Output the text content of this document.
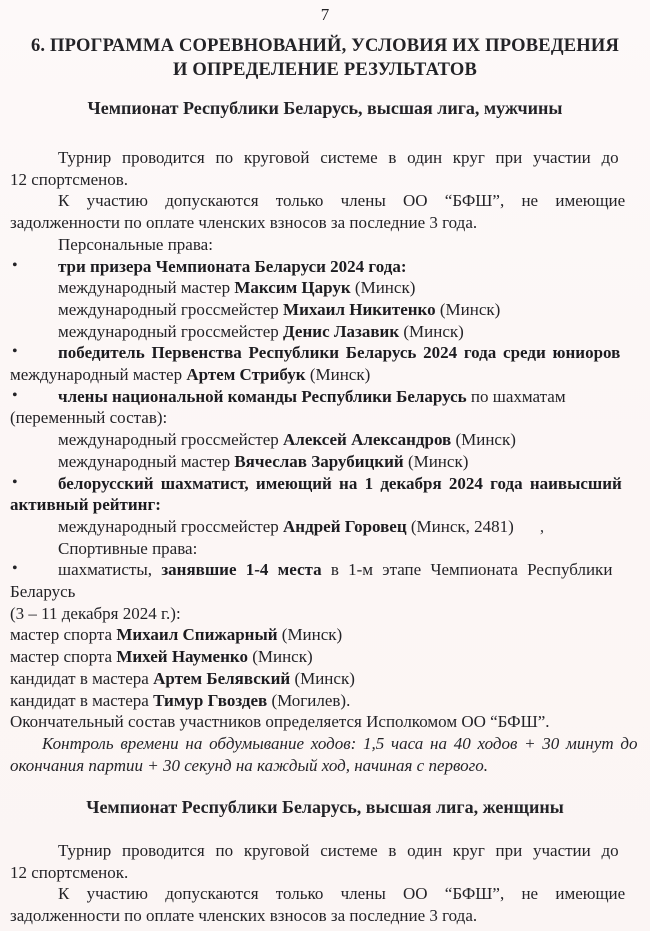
7
6. ПРОГРАММА СОРЕВНОВАНИЙ, УСЛОВИЯ ИХ ПРОВЕДЕНИЯ
И ОПРЕДЕЛЕНИЕ РЕЗУЛЬТАТОВ
Чемпионат Республики Беларусь, высшая лига, мужчины
Турнир проводится по круговой системе в один круг при участии до
12 спортсменов.
К участию допускаются только члены ОО “БФШ”, не имеющие
задолженности по оплате членских взносов за последние 3 года.
Персональные права:
• три призера Чемпионата Беларуси 2024 года:
международный мастер Максим Царук (Минск)
международный гроссмейстер Михаил Никитенко (Минск)
международный гроссмейстер Денис Лазавик (Минск)
• победитель Первенства Республики Беларусь 2024 года среди юниоров
международный мастер Артем Стрибук (Минск)
• члены национальной команды Республики Беларусь по шахматам
(переменный состав):
международный гроссмейстер Алексей Александров (Минск)
международный мастер Вячеслав Зарубицкий (Минск)
• белорусский шахматист, имеющий на 1 декабря 2024 года наивысший
активный рейтинг:
международный гроссмейстер Андрей Горовец (Минск, 2481) ,
Спортивные права:
• шахматисты, занявшие 1-4 места в 1-м этапе Чемпионата Республики
Беларусь
(3 – 11 декабря 2024 г.):
мастер спорта Михаил Спижарный (Минск)
мастер спорта Михей Науменко (Минск)
кандидат в мастера Артем Белявский (Минск)
кандидат в мастера Тимур Гвоздев (Могилев).
Окончательный состав участников определяется Исполкомом ОО “БФШ”.
Контроль времени на обдумывание ходов: 1,5 часа на 40 ходов + 30 минут до
окончания партии + 30 секунд на каждый ход, начиная с первого.
Чемпионат Республики Беларусь, высшая лига, женщины
Турнир проводится по круговой системе в один круг при участии до
12 спортсменок.
К участию допускаются только члены ОО “БФШ”, не имеющие
задолженности по оплате членских взносов за последние 3 года.
